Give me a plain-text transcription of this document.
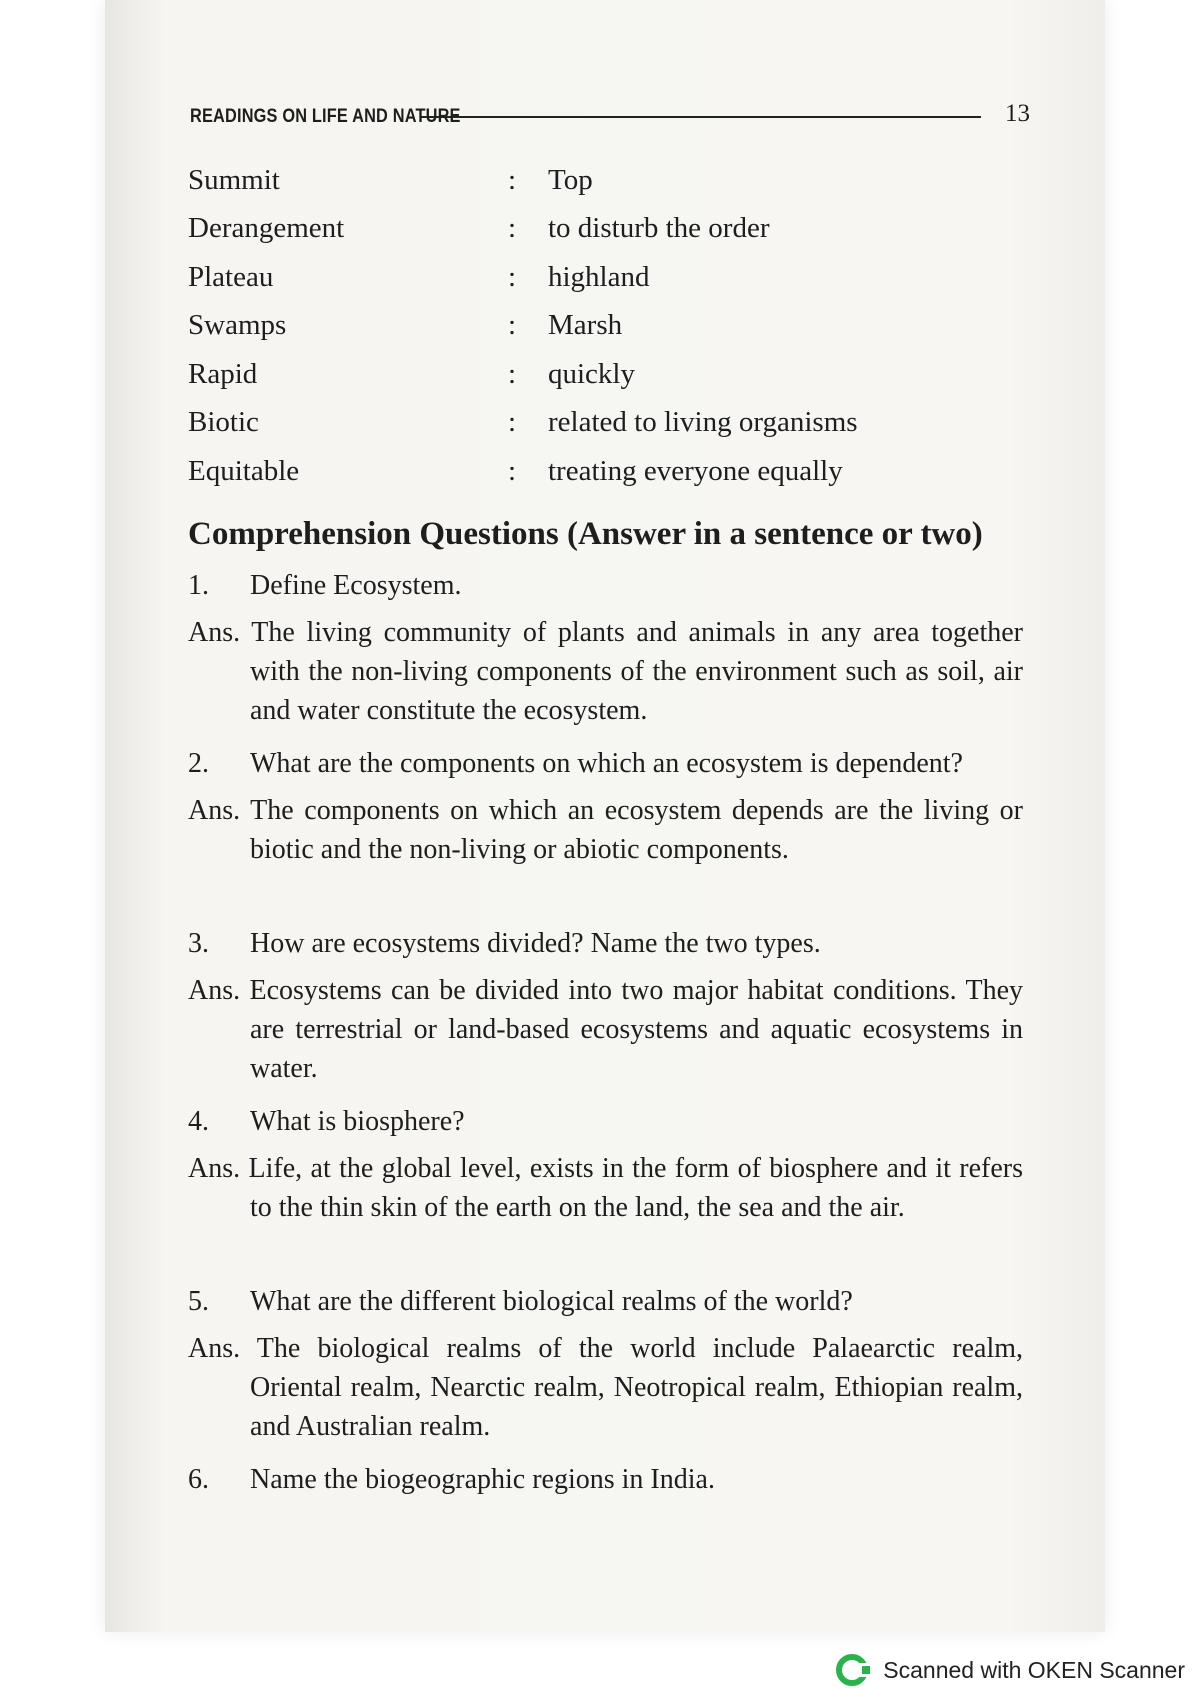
READINGS ON LIFE AND NATURE	13
Summit	:	Top
Derangement	:	to disturb the order
Plateau	:	highland
Swamps	:	Marsh
Rapid	:	quickly
Biotic	:	related to living organisms
Equitable	:	treating everyone equally
Comprehension Questions (Answer in a sentence or two)
1.	Define Ecosystem.
Ans. The living community of plants and animals in any area together with the non-living components of the environment such as soil, air and water constitute the ecosystem.
2.	What are the components on which an ecosystem is dependent?
Ans. The components on which an ecosystem depends are the living or biotic and the non-living or abiotic components.
3.	How are ecosystems divided? Name the two types.
Ans. Ecosystems can be divided into two major habitat conditions. They are terrestrial or land-based ecosystems and aquatic ecosystems in water.
4.	What is biosphere?
Ans. Life, at the global level, exists in the form of biosphere and it refers to the thin skin of the earth on the land, the sea and the air.
5.	What are the different biological realms of the world?
Ans. The biological realms of the world include Palaearctic realm, Oriental realm, Nearctic realm, Neotropical realm, Ethiopian realm, and Australian realm.
6.	Name the biogeographic regions in India.
Scanned with OKEN Scanner
